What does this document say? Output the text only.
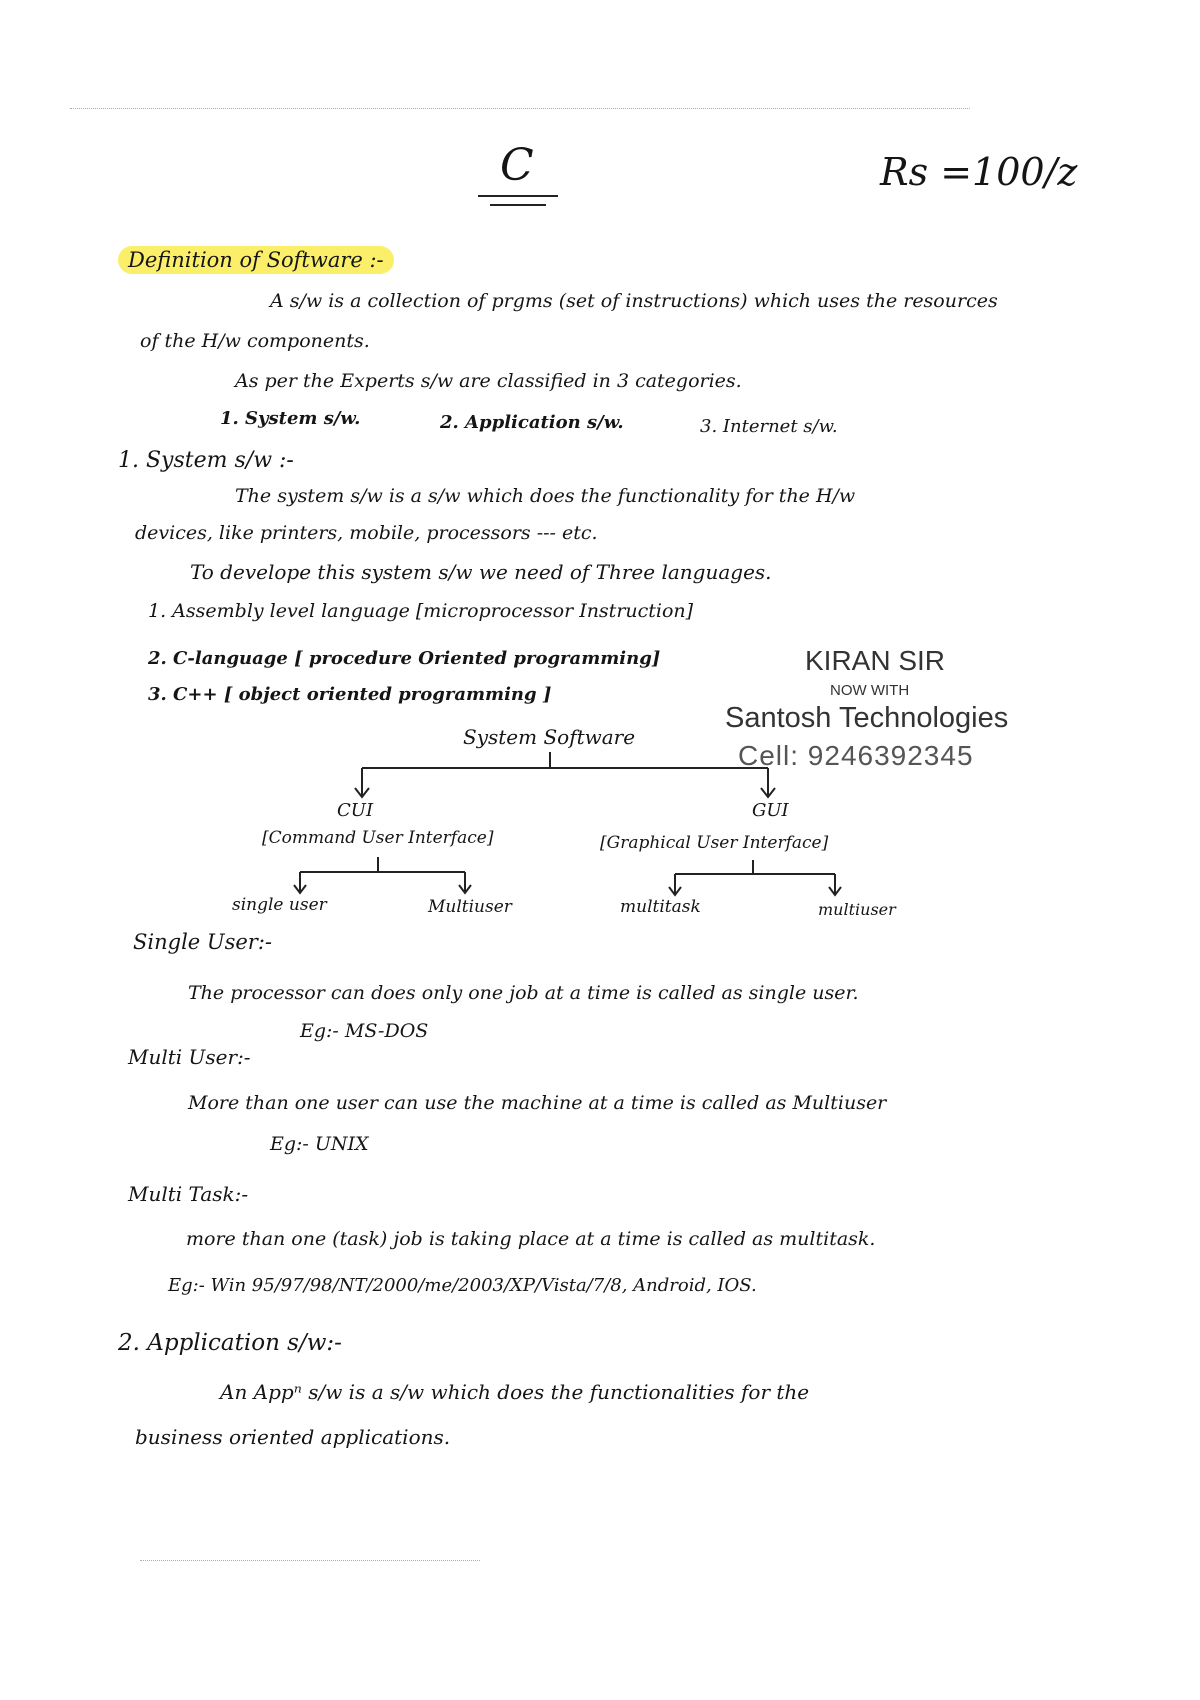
C	Rs =100/z
Definition of Software :-
A s/w is a collection of prgms (set of instructions) which uses the resources
of the H/w components.
As per the Experts s/w are classified in 3 categories.
1. System s/w.	2. Application s/w.	3. Internet s/w.
1. System s/w :-
The system s/w is a s/w which does the functionality for the H/w
devices, like printers, mobile, processors --- etc.
To develope this system s/w we need of Three languages.
1. Assembly level language [microprocessor Instruction]
2. C-language [ procedure Oriented programming]
3. C++ [ object oriented programming ]
KIRAN SIR
NOW WITH
Santosh Technologies
Cell: 9246392345
System Software
CUI
[Command User Interface]
GUI
[Graphical User Interface]
single user	Multiuser	multitask	multiuser
Single User:-
The processor can does only one job at a time is called as single user.
Eg:- MS-DOS
Multi User:-
More than one user can use the machine at a time is called as Multiuser
Eg:- UNIX
Multi Task:-
more than one (task) job is taking place at a time is called as multitask.
Eg:- Win 95/97/98/NT/2000/me/2003/XP/Vista/7/8, Android, IOS.
2. Application s/w:-
An Appⁿ s/w is a s/w which does the functionalities for the
business oriented applications.
